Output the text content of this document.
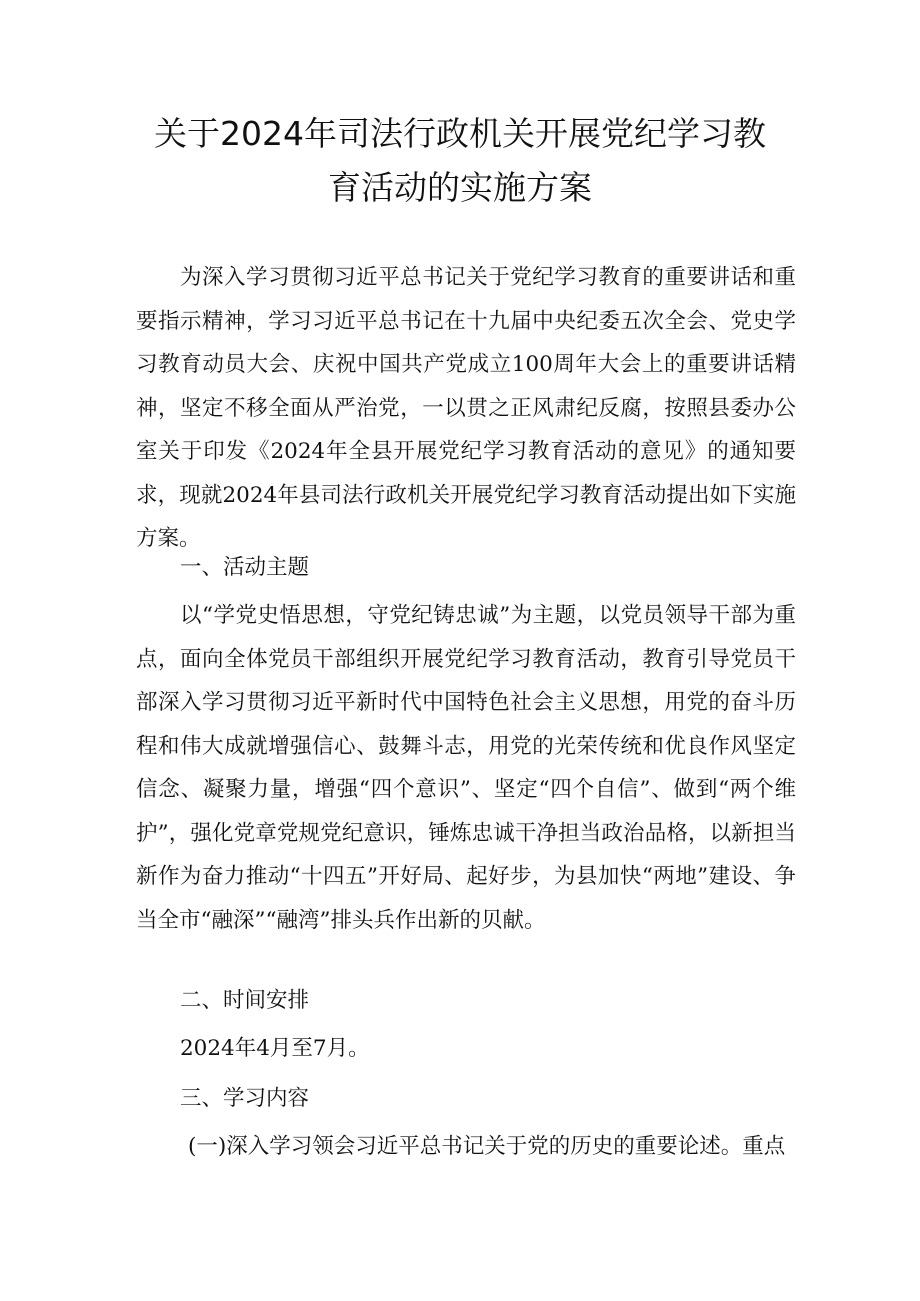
关于2024年司法行政机关开展党纪学习教
育活动的实施方案
为深入学习贯彻习近平总书记关于党纪学习教育的重要讲话和重要指示精神，学习习近平总书记在十九届中央纪委五次全会、党史学习教育动员大会、庆祝中国共产党成立100周年大会上的重要讲话精神，坚定不移全面从严治党，一以贯之正风肃纪反腐，按照县委办公室关于印发《2024年全县开展党纪学习教育活动的意见》的通知要求，现就2024年县司法行政机关开展党纪学习教育活动提出如下实施方案。
一、活动主题
以“学党史悟思想，守党纪铸忠诚”为主题，以党员领导干部为重点，面向全体党员干部组织开展党纪学习教育活动，教育引导党员干部深入学习贯彻习近平新时代中国特色社会主义思想，用党的奋斗历程和伟大成就增强信心、鼓舞斗志，用党的光荣传统和优良作风坚定信念、凝聚力量，增强“四个意识”、坚定“四个自信”、做到“两个维护”，强化党章党规党纪意识，锤炼忠诚干净担当政治品格，以新担当新作为奋力推动“十四五”开好局、起好步，为县加快“两地”建设、争当全市“融深”“融湾”排头兵作出新的贝献。
二、时间安排
2024年4月至7月。
三、学习内容
(一)深入学习领会习近平总书记关于党的历史的重要论述。重点
